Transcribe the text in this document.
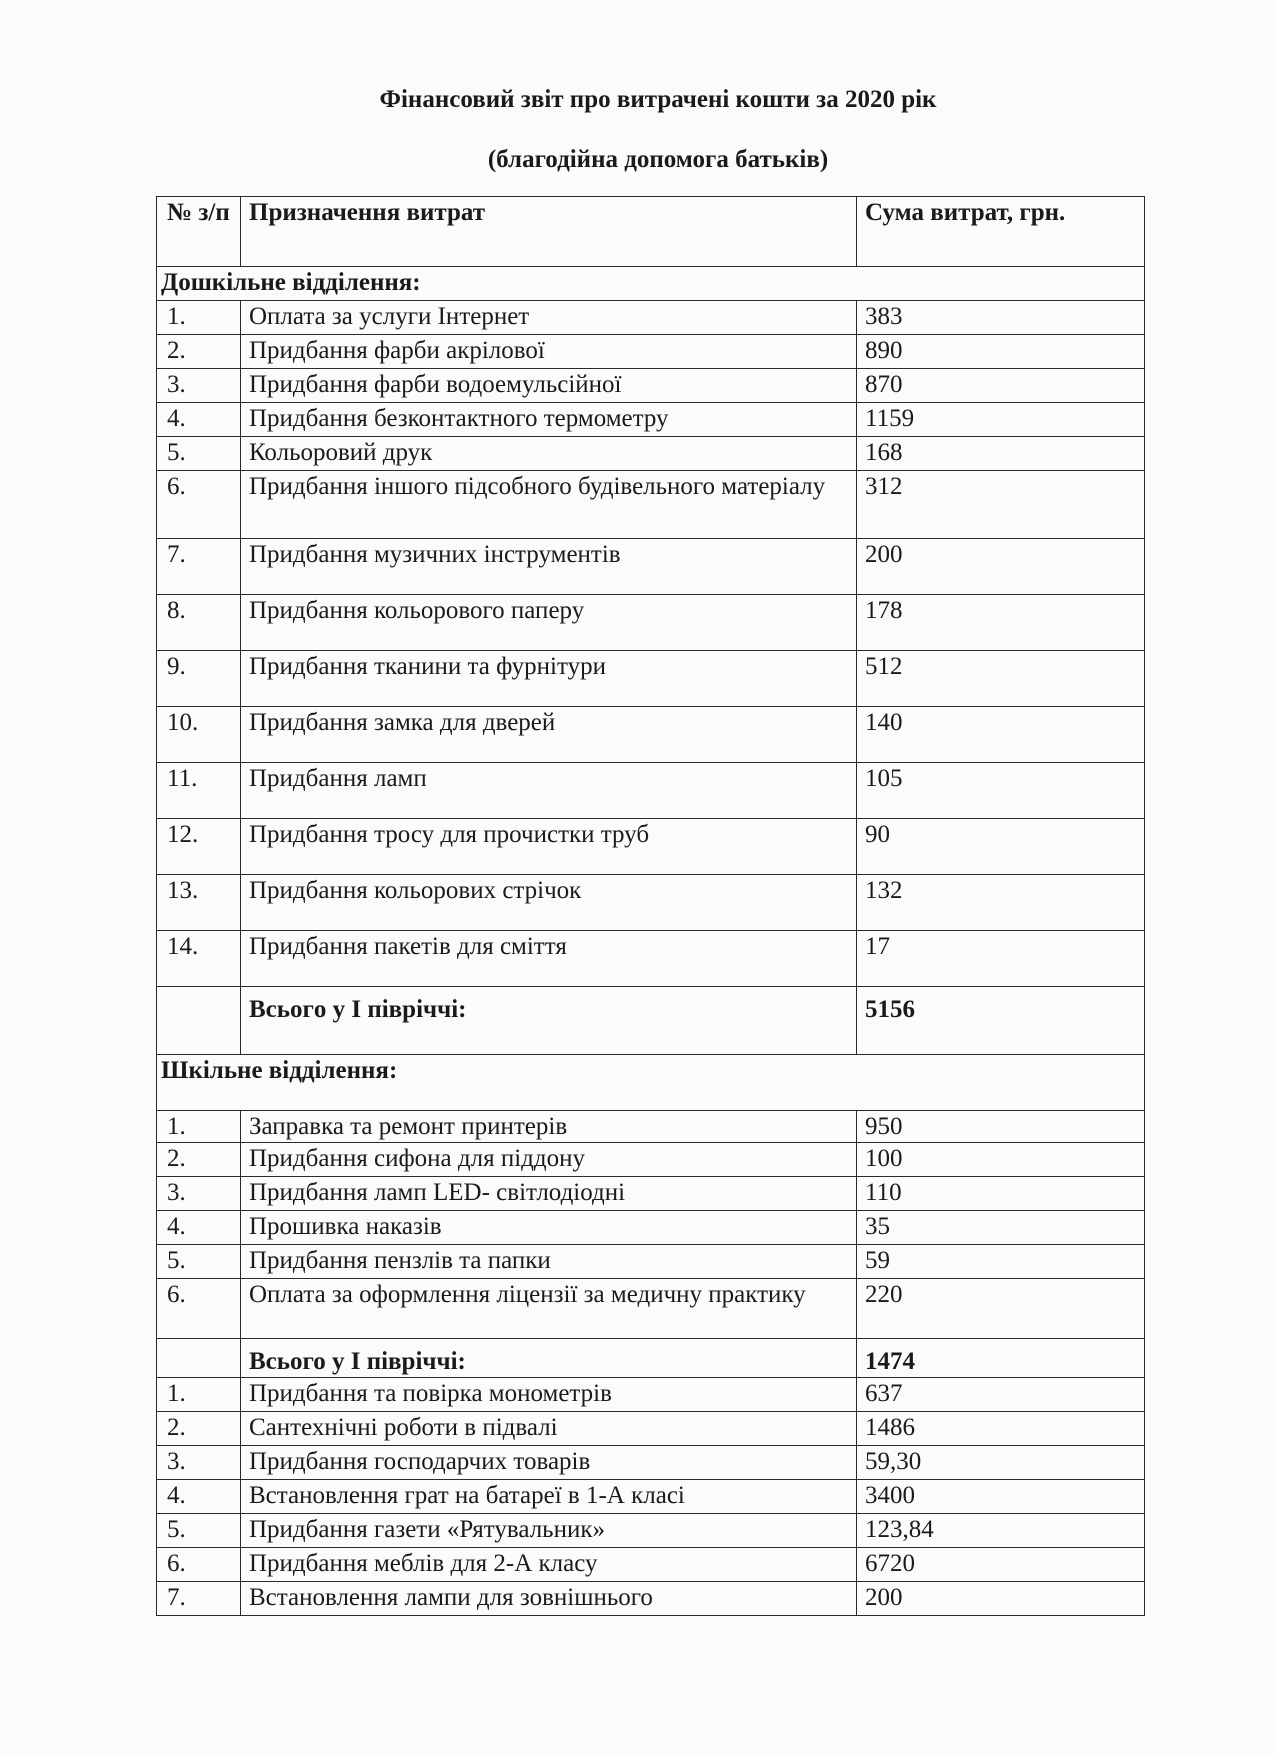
Фінансовий звіт про витрачені кошти за 2020 рік
(благодійна допомога батьків)
№ з/п	Призначення витрат	Сума витрат, грн.
Дошкільне відділення:		
1.	Оплата за услуги Інтернет	383
2.	Придбання фарби акрілової	890
3.	Придбання фарби водоемульсійної	870
4.	Придбання безконтактного термометру	1159
5.	Кольоровий друк	168
6.	Придбання іншого підсобного будівельного матеріалу	312
7.	Придбання музичних інструментів	200
8.	Придбання кольорового паперу	178
9.	Придбання тканини та фурнітури	512
10.	Придбання замка для дверей	140
11.	Придбання ламп	105
12.	Придбання тросу для прочистки труб	90
13.	Придбання кольорових стрічок	132
14.	Придбання пакетів для сміття	17
	Всьогo у І півріччі:	5156
Шкільне відділення:		
1.	Заправка та ремонт принтерів	950
2.	Придбання сифона для піддону	100
3.	Придбання ламп LED- світлодіодні	110
4.	Прошивка наказів	35
5.	Придбання пензлів та папки	59
6.	Оплата за оформлення ліцензії за медичну практику	220
	Всього у І півріччі:	1474
1.	Придбання та повірка монометрів	637
2.	Сантехнічні роботи в підвалі	1486
3.	Придбання господарчих товарів	59,30
4.	Встановлення грат на батареї в 1-А класі	3400
5.	Придбання газети «Рятувальник»	123,84
6.	Придбання меблів для 2-А класу	6720
7.	Встановлення лампи для зовнішнього	200
